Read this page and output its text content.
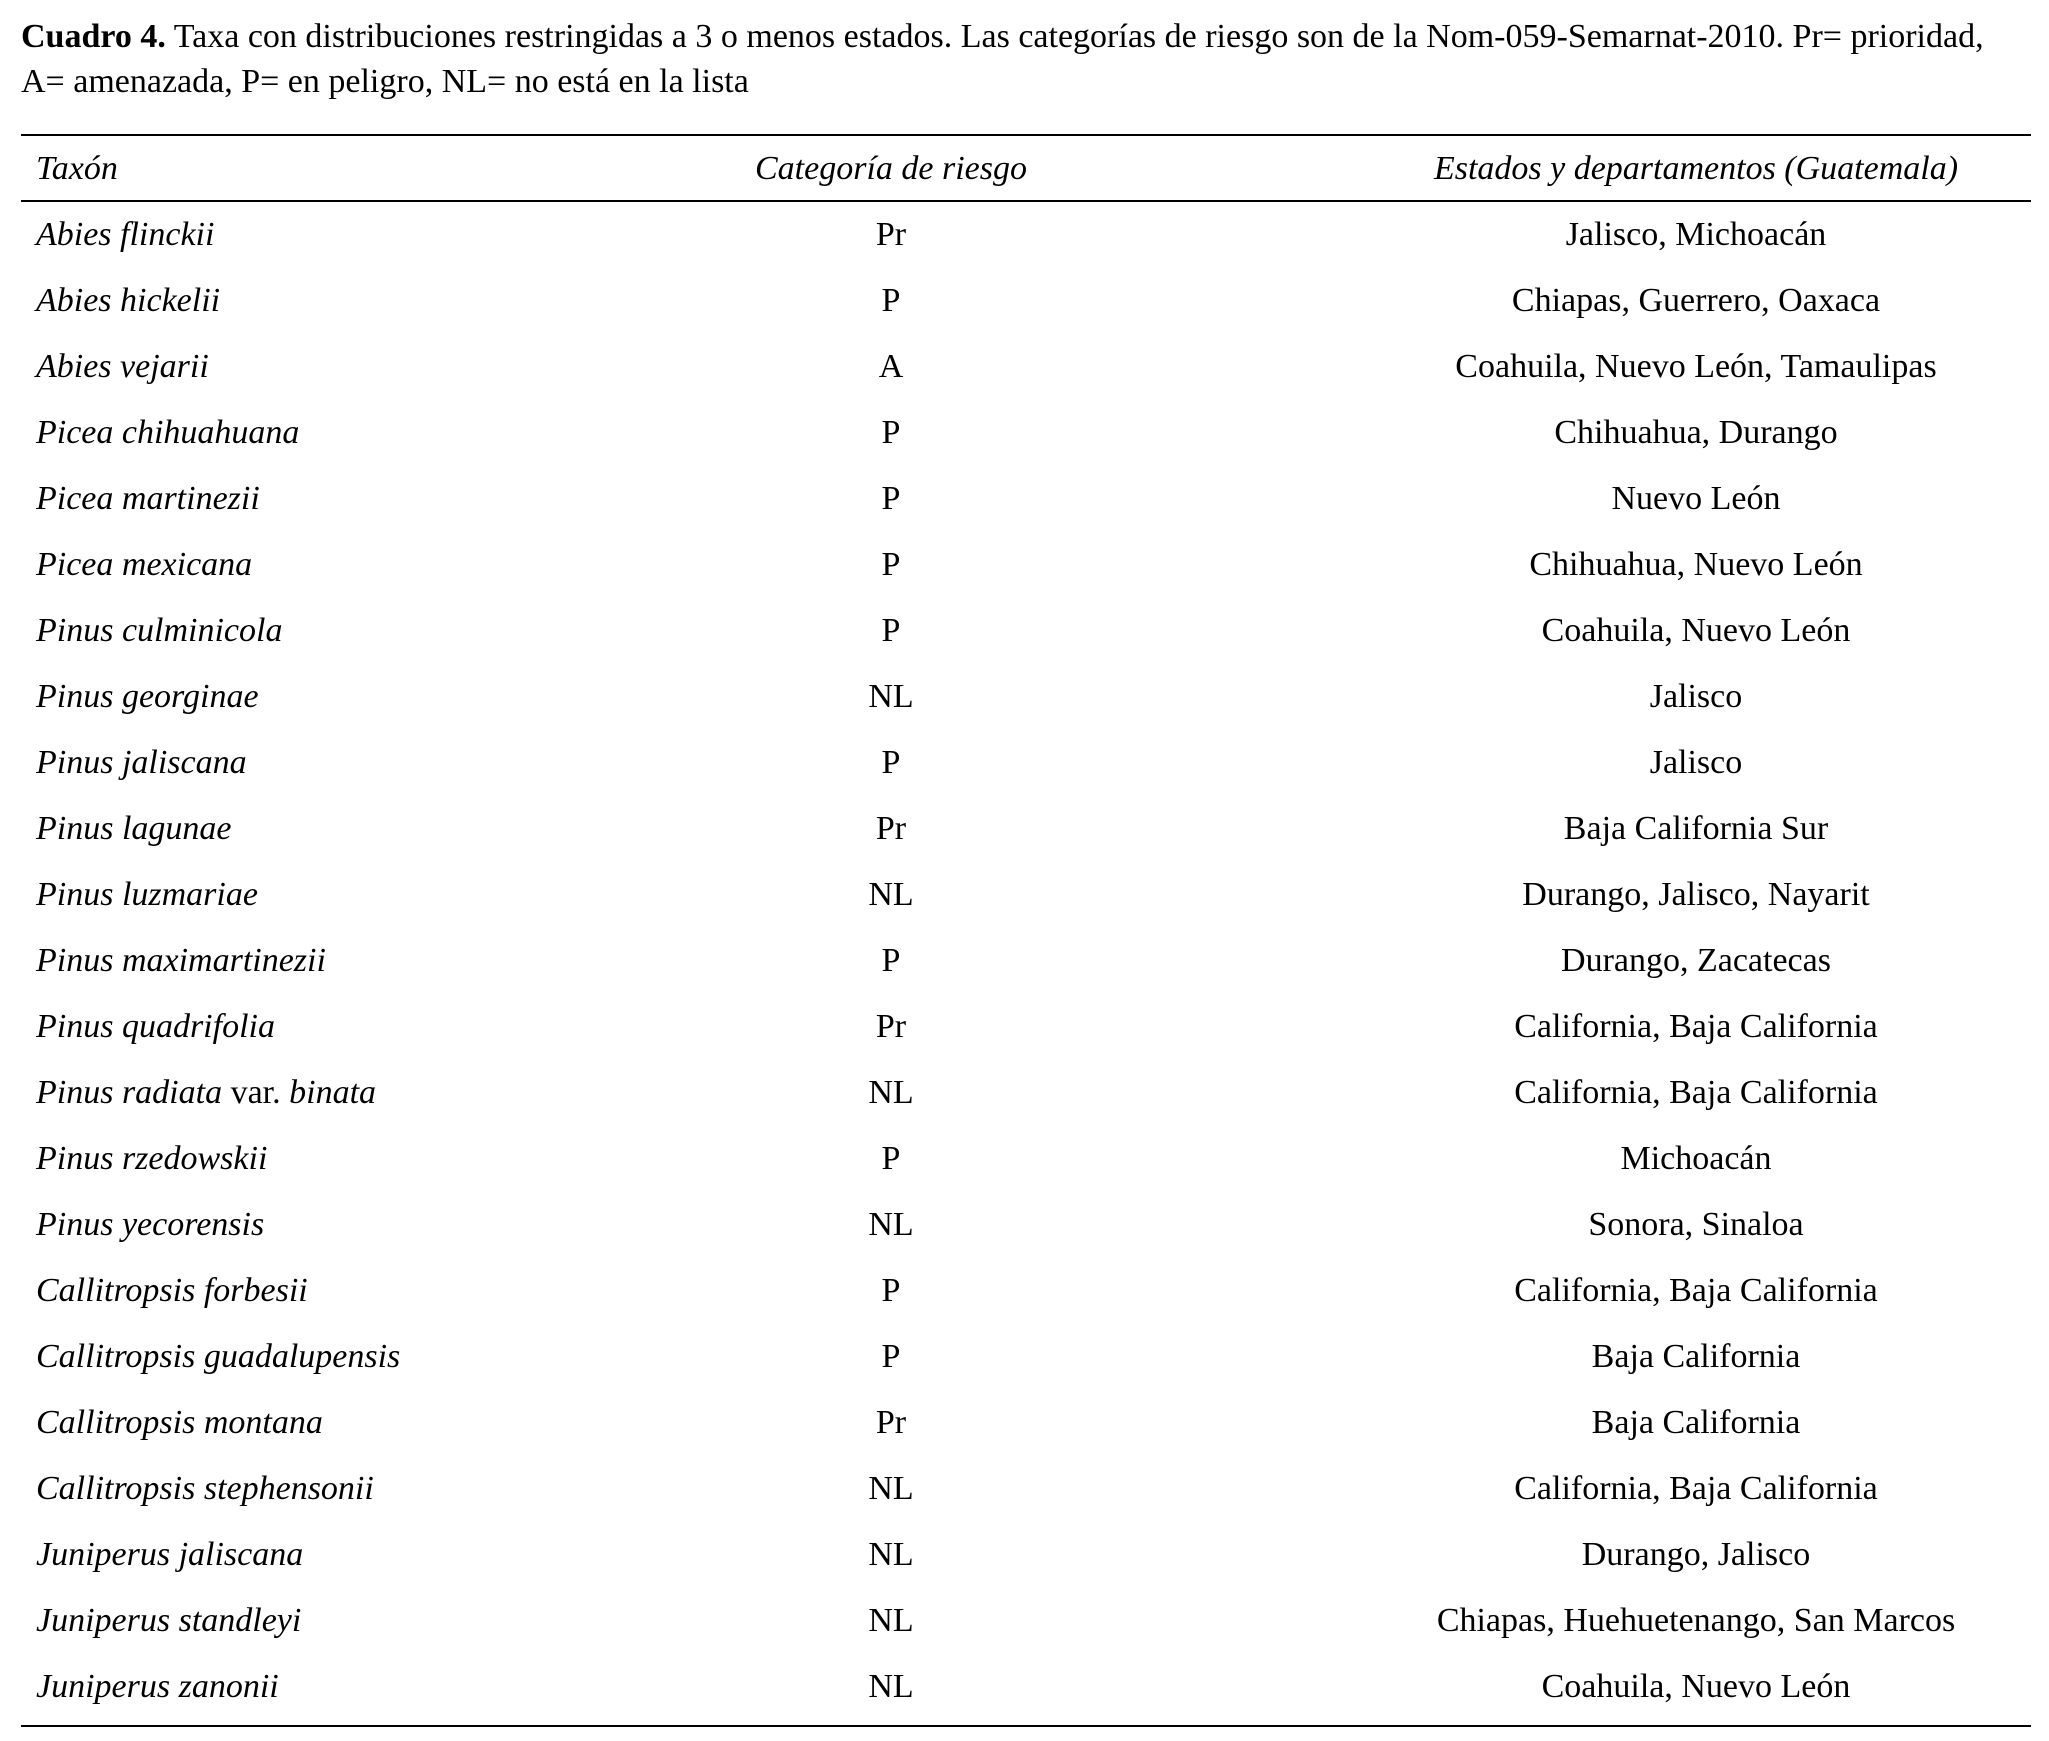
Cuadro 4. Taxa con distribuciones restringidas a 3 o menos estados. Las categorías de riesgo son de la Nom-059-Semarnat-2010. Pr= prioridad, A= amenazada, P= en peligro, NL= no está en la lista
Taxón	Categoría de riesgo	Estados y departamentos (Guatemala)
Abies flinckii	Pr	Jalisco, Michoacán
Abies hickelii	P	Chiapas, Guerrero, Oaxaca
Abies vejarii	A	Coahuila, Nuevo León, Tamaulipas
Picea chihuahuana	P	Chihuahua, Durango
Picea martinezii	P	Nuevo León
Picea mexicana	P	Chihuahua, Nuevo León
Pinus culminicola	P	Coahuila, Nuevo León
Pinus georginae	NL	Jalisco
Pinus jaliscana	P	Jalisco
Pinus lagunae	Pr	Baja California Sur
Pinus luzmariae	NL	Durango, Jalisco, Nayarit
Pinus maximartinezii	P	Durango, Zacatecas
Pinus quadrifolia	Pr	California, Baja California
Pinus radiata var. binata	NL	California, Baja California
Pinus rzedowskii	P	Michoacán
Pinus yecorensis	NL	Sonora, Sinaloa
Callitropsis forbesii	P	California, Baja California
Callitropsis guadalupensis	P	Baja California
Callitropsis montana	Pr	Baja California
Callitropsis stephensonii	NL	California, Baja California
Juniperus jaliscana	NL	Durango, Jalisco
Juniperus standleyi	NL	Chiapas, Huehuetenango, San Marcos
Juniperus zanonii	NL	Coahuila, Nuevo León
